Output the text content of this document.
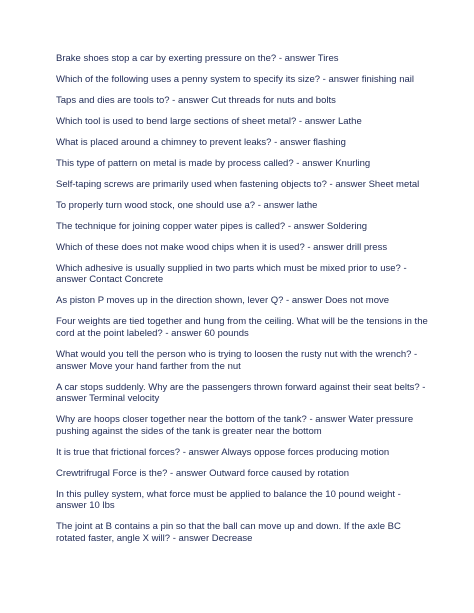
Brake shoes stop a car by exerting pressure on the? - answer Tires
Which of the following uses a penny system to specify its size? - answer finishing nail
Taps and dies are tools to? - answer Cut threads for nuts and bolts
Which tool is used to bend large sections of sheet metal? - answer Lathe
What is placed around a chimney to prevent leaks? - answer flashing
This type of pattern on metal is made by process called? - answer Knurling
Self-taping screws are primarily used when fastening objects to? - answer Sheet metal
To properly turn wood stock, one should use a? - answer lathe
The technique for joining copper water pipes is called? - answer Soldering
Which of these does not make wood chips when it is used? - answer drill press
Which adhesive is usually supplied in two parts which must be mixed prior to use? - answer Contact Concrete
As piston P moves up in the direction shown, lever Q? - answer Does not move
Four weights are tied together and hung from the ceiling. What will be the tensions in the cord at the point labeled? - answer 60 pounds
What would you tell the person who is trying to loosen the rusty nut with the wrench? - answer Move your hand farther from the nut
A car stops suddenly. Why are the passengers thrown forward against their seat belts? - answer Terminal velocity
Why are hoops closer together near the bottom of the tank? - answer Water pressure pushing against the sides of the tank is greater near the bottom
It is true that frictional forces? - answer Always oppose forces producing motion
Crewtrifrugal Force is the? - answer Outward force caused by rotation
In this pulley system, what force must be applied to balance the 10 pound weight - answer 10 lbs
The joint at B contains a pin so that the ball can move up and down. If the axle BC rotated faster, angle X will? - answer Decrease
